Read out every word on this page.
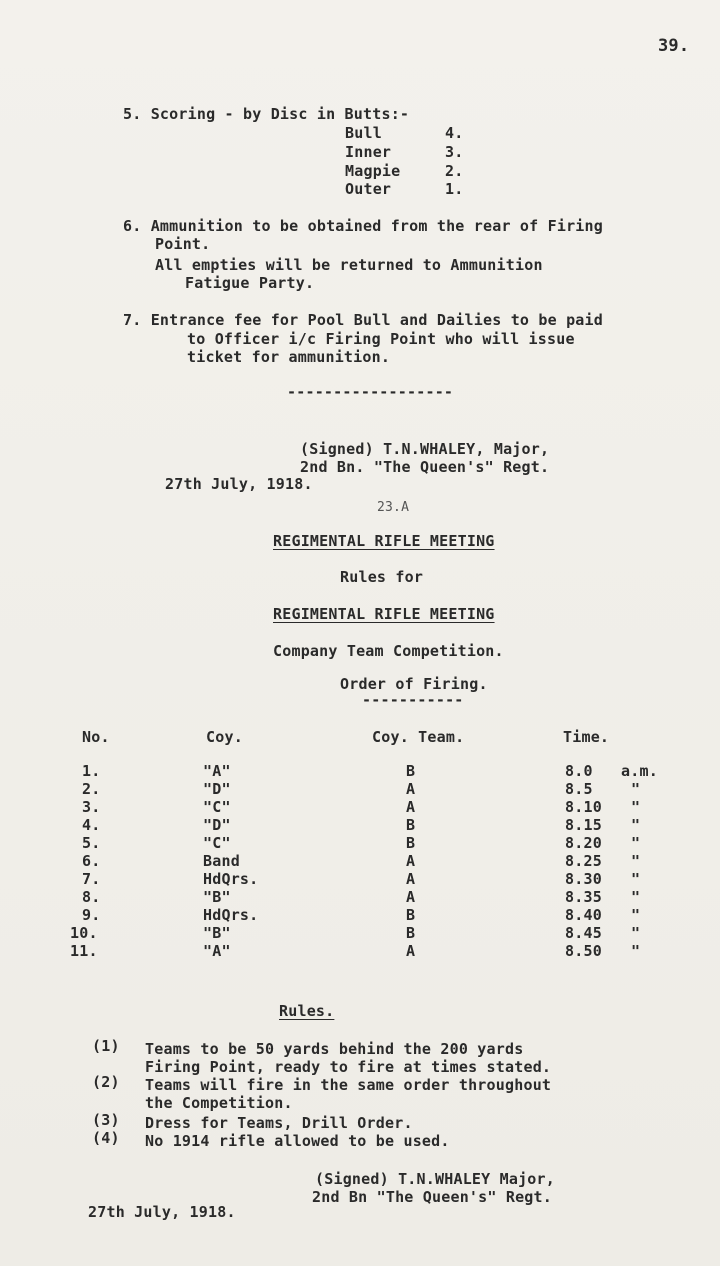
39.
5. Scoring - by Disc in Butts:-
Bull	4.
Inner	3.
Magpie	2.
Outer	1.
6. Ammunition to be obtained from the rear of Firing
Point.
All empties will be returned to Ammunition
Fatigue Party.
7. Entrance fee for Pool Bull and Dailies to be paid
to Officer i/c Firing Point who will issue
ticket for ammunition.
------------------
(Signed) T.N.WHALEY, Major,
2nd Bn. "The Queen's" Regt.
27th July, 1918.
23.A
REGIMENTAL RIFLE MEETING
Rules for
REGIMENTAL RIFLE MEETING
Company Team Competition.
Order of Firing.
-----------
No.	Coy.	Coy. Team.	Time.
1.	"A"	B	8.0 a.m.
2.	"D"	A	8.5	"
3.	"C"	A	8.10 "
4.	"D"	B	8.15 "
5.	"C"	B	8.20 "
6.	Band	A	8.25 "
7.	HdQrs.	A	8.30 "
8.	"B"	A	8.35 "
9.	HdQrs.	B	8.40 "
10.	"B"	B	8.45 "
11.	"A"	A	8.50 "
Rules.
(1) Teams to be 50 yards behind the 200 yards
Firing Point, ready to fire at times stated.
(2) Teams will fire in the same order throughout
the Competition.
(3) Dress for Teams, Drill Order.
(4) No 1914 rifle allowed to be used.
(Signed) T.N.WHALEY Major,
2nd Bn "The Queen's" Regt.
27th July, 1918.
